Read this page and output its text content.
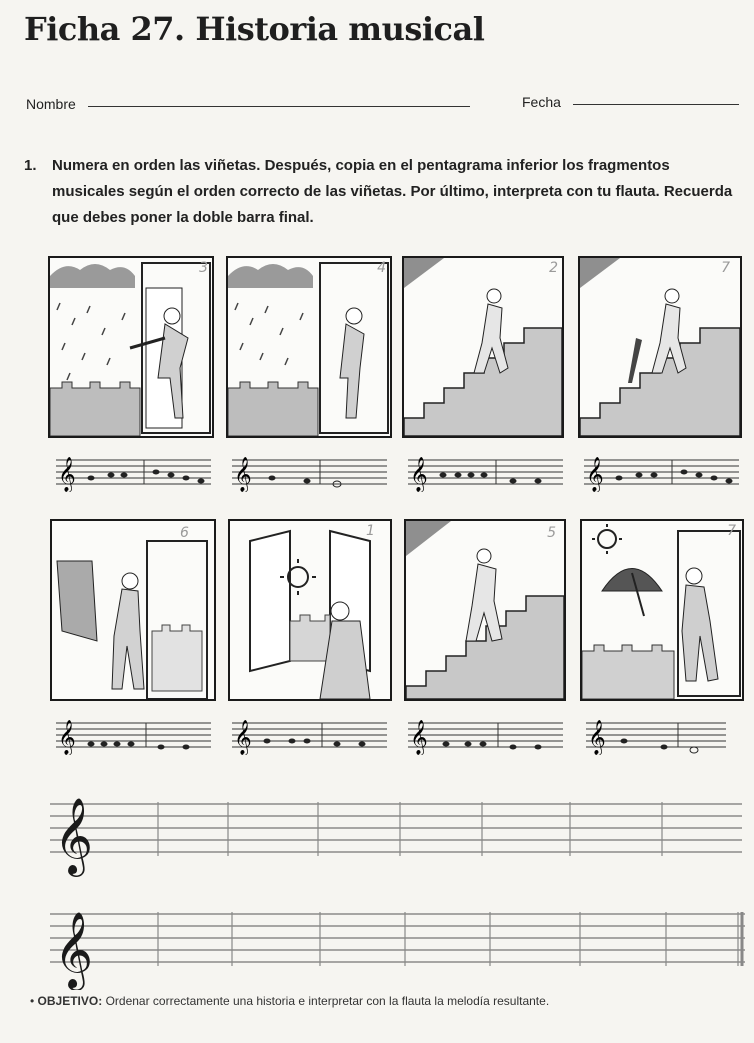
Ficha 27. Historia musical
Nombre	Fecha
1. Numera en orden las viñetas. Después, copia en el pentagrama inferior los fragmentos musicales según el orden correcto de las viñetas. Por último, interpreta con tu flauta. Recuerda que debes poner la doble barra final.
3	4	2	7
𝄞	𝄞	𝄞	𝄞
6	1	5	7
𝄞	𝄞	𝄞	𝄞
𝄞
𝄞
• OBJETIVO: Ordenar correctamente una historia e interpretar con la flauta la melodía resultante.
